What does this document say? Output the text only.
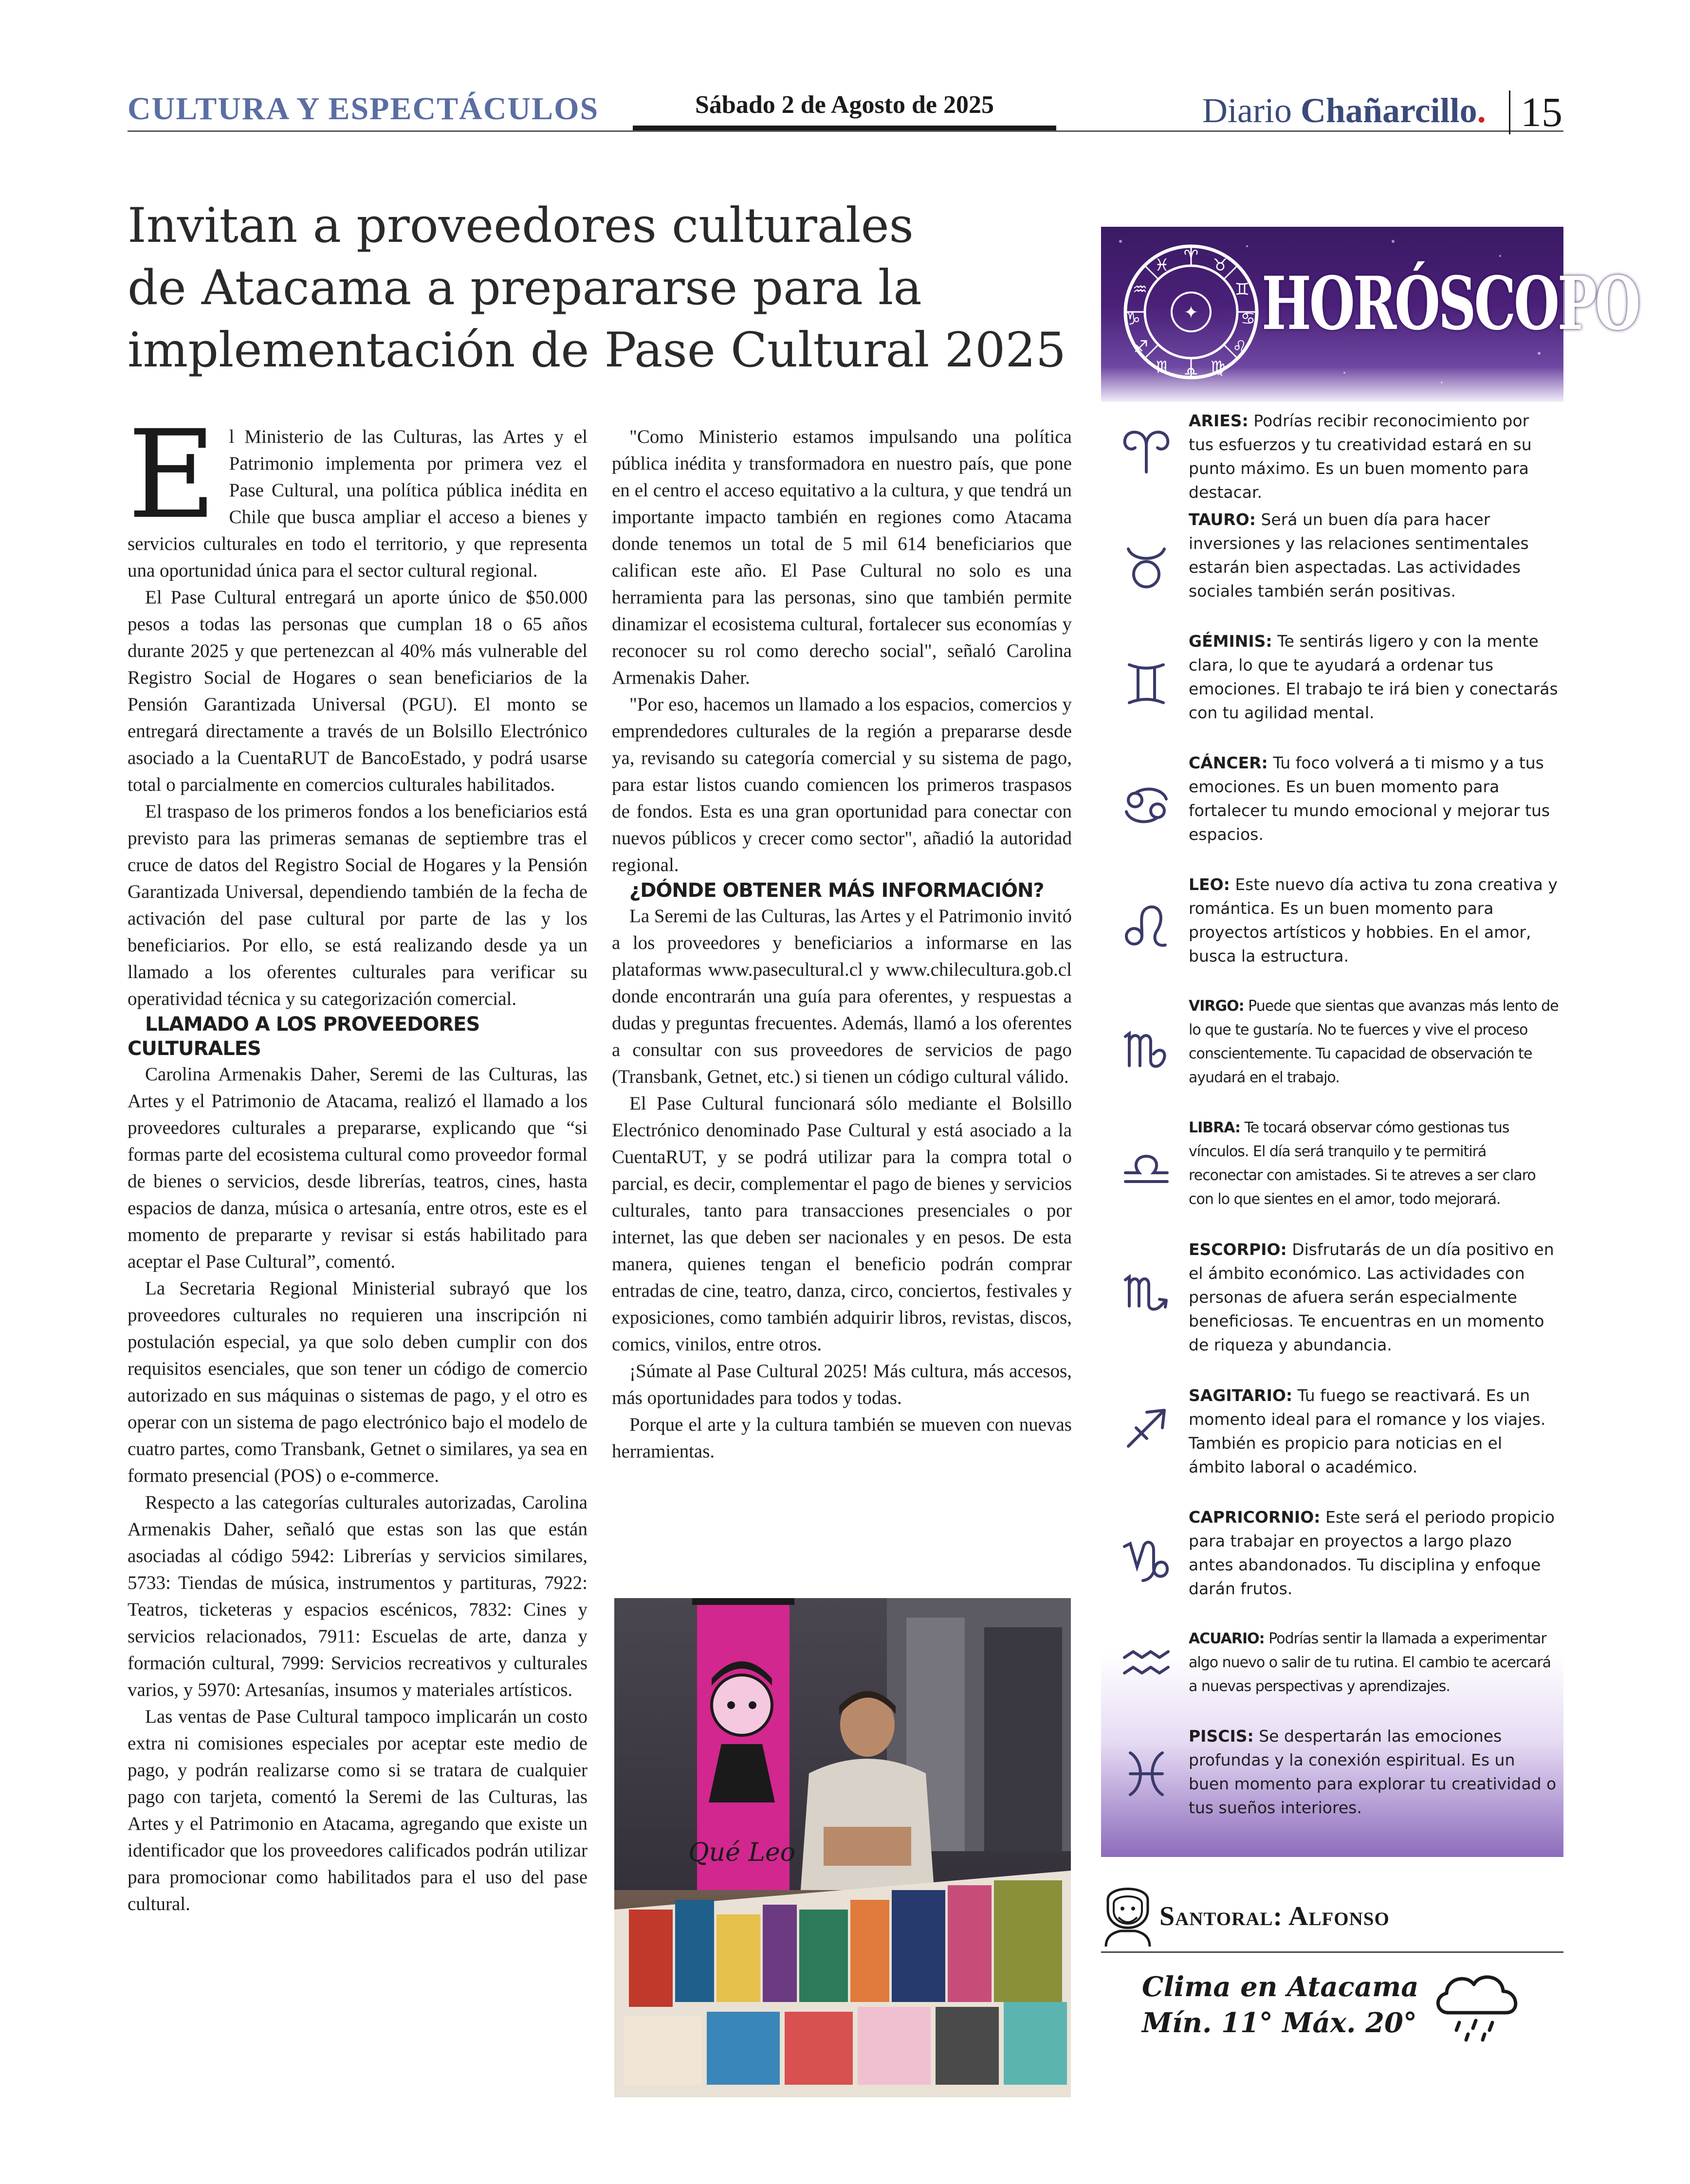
CULTURA Y ESPECTÁCULOS	Sábado 2 de Agosto de 2025	Diario Chañarcillo. 15
Invitan a proveedores culturales
de Atacama a prepararse para la
implementación de Pase Cultural 2025

El Ministerio de las Culturas, las Artes y el Patrimonio implementa por primera vez el Pase Cultural, una política pública inédita en Chile que busca ampliar el acceso a bienes y servicios culturales en todo el territorio, y que representa una oportunidad única para el sector cultural regional.

El Pase Cultural entregará un aporte único de $50.000 pesos a todas las personas que cumplan 18 o 65 años durante 2025 y que pertenezcan al 40% más vulnerable del Registro Social de Hogares o sean beneficiarios de la Pensión Garantizada Universal (PGU). El monto se entregará directamente a través de un Bolsillo Electrónico asociado a la CuentaRUT de BancoEstado, y podrá usarse total o parcialmente en comercios culturales habilitados.

El traspaso de los primeros fondos a los beneficiarios está previsto para las primeras semanas de septiembre tras el cruce de datos del Registro Social de Hogares y la Pensión Garantizada Universal, dependiendo también de la fecha de activación del pase cultural por parte de las y los beneficiarios. Por ello, se está realizando desde ya un llamado a los oferentes culturales para verificar su operatividad técnica y su categorización comercial.

LLAMADO A LOS PROVEEDORES CULTURALES

Carolina Armenakis Daher, Seremi de las Culturas, las Artes y el Patrimonio de Atacama, realizó el llamado a los proveedores culturales a prepararse, explicando que “si formas parte del ecosistema cultural como proveedor formal de bienes o servicios, desde librerías, teatros, cines, hasta espacios de danza, música o artesanía, entre otros, este es el momento de prepararte y revisar si estás habilitado para aceptar el Pase Cultural”, comentó.

La Secretaria Regional Ministerial subrayó que los proveedores culturales no requieren una inscripción ni postulación especial, ya que solo deben cumplir con dos requisitos esenciales, que son tener un código de comercio autorizado en sus máquinas o sistemas de pago, y el otro es operar con un sistema de pago electrónico bajo el modelo de cuatro partes, como Transbank, Getnet o similares, ya sea en formato presencial (POS) o e-commerce.

Respecto a las categorías culturales autorizadas, Carolina Armenakis Daher, señaló que estas son las que están asociadas al código 5942: Librerías y servicios similares, 5733: Tiendas de música, instrumentos y partituras, 7922: Teatros, ticketeras y espacios escénicos, 7832: Cines y servicios relacionados, 7911: Escuelas de arte, danza y formación cultural, 7999: Servicios recreativos y culturales varios, y 5970: Artesanías, insumos y materiales artísticos.

Las ventas de Pase Cultural tampoco implicarán un costo extra ni comisiones especiales por aceptar este medio de pago, y podrán realizarse como si se tratara de cualquier pago con tarjeta, comentó la Seremi de las Culturas, las Artes y el Patrimonio en Atacama, agregando que existe un identificador que los proveedores calificados podrán utilizar para promocionar como habilitados para el uso del pase cultural.

"Como Ministerio estamos impulsando una política pública inédita y transformadora en nuestro país, que pone en el centro el acceso equitativo a la cultura, y que tendrá un importante impacto también en regiones como Atacama donde tenemos un total de 5 mil 614 beneficiarios que califican este año. El Pase Cultural no solo es una herramienta para las personas, sino que también permite dinamizar el ecosistema cultural, fortalecer sus economías y reconocer su rol como derecho social", señaló Carolina Armenakis Daher.

"Por eso, hacemos un llamado a los espacios, comercios y emprendedores culturales de la región a prepararse desde ya, revisando su categoría comercial y su sistema de pago, para estar listos cuando comiencen los primeros traspasos de fondos. Esta es una gran oportunidad para conectar con nuevos públicos y crecer como sector", añadió la autoridad regional.

¿DÓNDE OBTENER MÁS INFORMACIÓN?

La Seremi de las Culturas, las Artes y el Patrimonio invitó a los proveedores y beneficiarios a informarse en las plataformas www.pasecultural.cl y www.chilecultura.gob.cl donde encontrarán una guía para oferentes, y respuestas a dudas y preguntas frecuentes. Además, llamó a los oferentes a consultar con sus proveedores de servicios de pago (Transbank, Getnet, etc.) si tienen un código cultural válido.

El Pase Cultural funcionará sólo mediante el Bolsillo Electrónico denominado Pase Cultural y está asociado a la CuentaRUT, y se podrá utilizar para la compra total o parcial, es decir, complementar el pago de bienes y servicios culturales, tanto para transacciones presenciales o por internet, las que deben ser nacionales y en pesos. De esta manera, quienes tengan el beneficio podrán comprar entradas de cine, teatro, danza, circo, conciertos, festivales y exposiciones, como también adquirir libros, revistas, discos, comics, vinilos, entre otros.

¡Súmate al Pase Cultural 2025! Más cultura, más accesos, más oportunidades para todos y todas.

Porque el arte y la cultura también se mueven con nuevas herramientas.

Qué Leo
♈ ♉
♊
♋
♌
♍
♎
♏
♐
♑
♒
♓
✦ HORÓSCOPO
ARIES: Podrías recibir reconocimiento por tus esfuerzos y tu creatividad estará en su punto máximo. Es un buen momento para destacar.
TAURO: Será un buen día para hacer inversiones y las relaciones sentimentales estarán bien aspectadas. Las actividades sociales también serán positivas.
GÉMINIS: Te sentirás ligero y con la mente clara, lo que te ayudará a ordenar tus emociones. El trabajo te irá bien y conectarás con tu agilidad mental.
CÁNCER: Tu foco volverá a ti mismo y a tus emociones. Es un buen momento para fortalecer tu mundo emocional y mejorar tus espacios.
LEO: Este nuevo día activa tu zona creativa y romántica. Es un buen momento para proyectos artísticos y hobbies. En el amor, busca la estructura.
VIRGO: Puede que sientas que avanzas más lento de lo que te gustaría. No te fuerces y vive el proceso conscientemente. Tu capacidad de observación te ayudará en el trabajo.
LIBRA: Te tocará observar cómo gestionas tus vínculos. El día será tranquilo y te permitirá reconectar con amistades. Si te atreves a ser claro con lo que sientes en el amor, todo mejorará.
ESCORPIO: Disfrutarás de un día positivo en el ámbito económico. Las actividades con personas de afuera serán especialmente beneficiosas. Te encuentras en un momento de riqueza y abundancia.
SAGITARIO: Tu fuego se reactivará. Es un momento ideal para el romance y los viajes. También es propicio para noticias en el ámbito laboral o académico.
CAPRICORNIO: Este será el periodo propicio para trabajar en proyectos a largo plazo antes abandonados. Tu disciplina y enfoque darán frutos.
ACUARIO: Podrías sentir la llamada a experimentar algo nuevo o salir de tu rutina. El cambio te acercará a nuevas perspectivas y aprendizajes.
PISCIS: Se despertarán las emociones profundas y la conexión espiritual. Es un buen momento para explorar tu creatividad o tus sueños interiores.
Santoral: Alfonso
Clima en Atacama
Mín. 11° Máx. 20°
